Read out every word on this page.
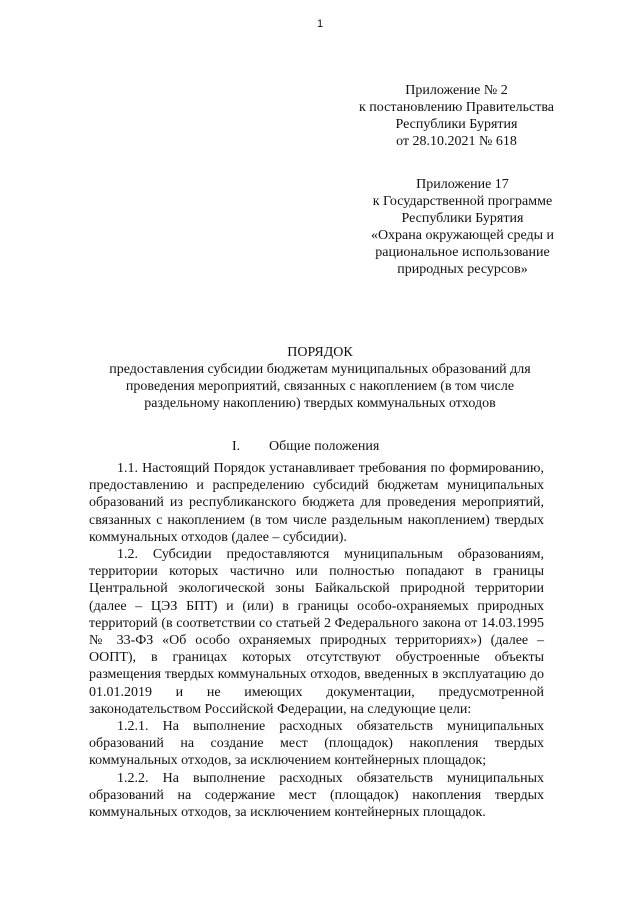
1
Приложение № 2
к постановлению Правительства
Республики Бурятия
от 28.10.2021 № 618
Приложение 17
к Государственной программе
Республики Бурятия
«Охрана окружающей среды и
рациональное использование
природных ресурсов»
ПОРЯДОК
предоставления субсидии бюджетам муниципальных образований для
проведения мероприятий, связанных с накоплением (в том числе
раздельному накоплению) твердых коммунальных отходов
I. Общие положения

1.1. Настоящий Порядок устанавливает требования по формированию, предоставлению и распределению субсидий бюджетам муниципальных образований из республиканского бюджета для проведения мероприятий, связанных с накоплением (в том числе раздельным накоплением) твердых коммунальных отходов (далее – субсидии).

1.2. Субсидии предоставляются муниципальным образованиям, территории которых частично или полностью попадают в границы Центральной экологической зоны Байкальской природной территории (далее – ЦЭЗ БПТ) и (или) в границы особо-охраняемых природных территорий (в соответствии со статьей 2 Федерального закона от 14.03.1995 № 33-ФЗ «Об особо охраняемых природных территориях») (далее – ООПТ), в границах которых отсутствуют обустроенные объекты размещения твердых коммунальных отходов, введенных в эксплуатацию до 01.01.2019 и не имеющих документации, предусмотренной законодательством Российской Федерации, на следующие цели:

1.2.1. На выполнение расходных обязательств муниципальных образований на создание мест (площадок) накопления твердых коммунальных отходов, за исключением контейнерных площадок;

1.2.2. На выполнение расходных обязательств муниципальных образований на содержание мест (площадок) накопления твердых коммунальных отходов, за исключением контейнерных площадок.
